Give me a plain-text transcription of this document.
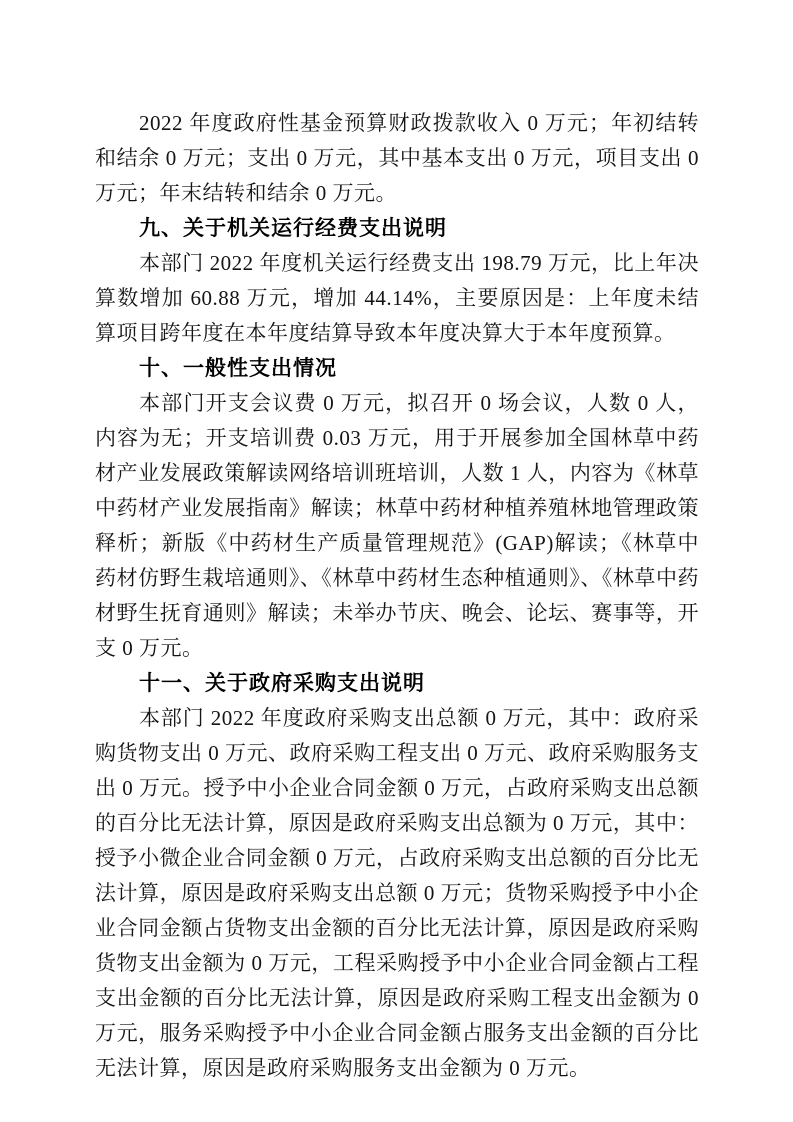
2022 年度政府性基金预算财政拨款收入 0 万元；年初结转和结余 0 万元；支出 0 万元，其中基本支出 0 万元，项目支出 0 万元；年末结转和结余 0 万元。

九、关于机关运行经费支出说明

本部门 2022 年度机关运行经费支出 198.79 万元，比上年决算数增加 60.88 万元，增加 44.14%，主要原因是：上年度未结算项目跨年度在本年度结算导致本年度决算大于本年度预算。

十、一般性支出情况

本部门开支会议费 0 万元，拟召开 0 场会议，人数 0 人，内容为无；开支培训费 0.03 万元，用于开展参加全国林草中药材产业发展政策解读网络培训班培训，人数 1 人，内容为《林草中药材产业发展指南》解读；林草中药材种植养殖林地管理政策释析；新版《中药材生产质量管理规范》(GAP)解读；《林草中药材仿野生栽培通则》、《林草中药材生态种植通则》、《林草中药材野生抚育通则》解读；未举办节庆、晚会、论坛、赛事等，开支 0 万元。

十一、关于政府采购支出说明

本部门 2022 年度政府采购支出总额 0 万元，其中：政府采购货物支出 0 万元、政府采购工程支出 0 万元、政府采购服务支出 0 万元。授予中小企业合同金额 0 万元，占政府采购支出总额的百分比无法计算，原因是政府采购支出总额为 0 万元，其中：授予小微企业合同金额 0 万元，占政府采购支出总额的百分比无法计算，原因是政府采购支出总额 0 万元；货物采购授予中小企业合同金额占货物支出金额的百分比无法计算，原因是政府采购货物支出金额为 0 万元，工程采购授予中小企业合同金额占工程支出金额的百分比无法计算，原因是政府采购工程支出金额为 0 万元，服务采购授予中小企业合同金额占服务支出金额的百分比无法计算，原因是政府采购服务支出金额为 0 万元。
